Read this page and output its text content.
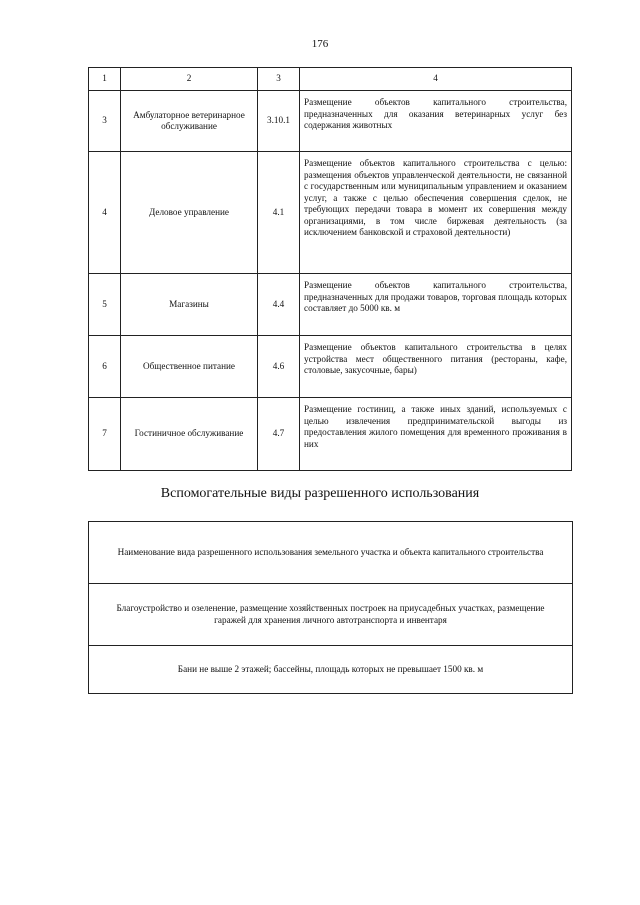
176
1	2	3	4
3	Амбулаторное ветеринарное обслуживание	3.10.1	Размещение объектов капитального строительства, предназначенных для оказания ветеринарных услуг без содержания животных
4	Деловое управление	4.1	Размещение объектов капитального строительства с целью: размещения объектов управленческой деятельности, не связанной с государственным или муниципальным управлением и оказанием услуг, а также с целью обеспечения совершения сделок, не требующих передачи товара в момент их совершения между организациями, в том числе биржевая деятельность (за исключением банковской и страховой деятельности)
5	Магазины	4.4	Размещение объектов капитального строительства, предназначенных для продажи товаров, торговая площадь которых составляет до 5000 кв. м
6	Общественное питание	4.6	Размещение объектов капитального строительства в целях устройства мест общественного питания (рестораны, кафе, столовые, закусочные, бары)
7	Гостиничное обслуживание	4.7	Размещение гостиниц, а также иных зданий, используемых с целью извлечения предпринимательской выгоды из предоставления жилого помещения для временного проживания в них
Вспомогательные виды разрешенного использования
Наименование вида разрешенного использования земельного участка и объекта капитального строительства
Благоустройство и озеленение, размещение хозяйственных построек на приусадебных участках, размещение гаражей для хранения личного автотранспорта и инвентаря
Бани не выше 2 этажей; бассейны, площадь которых не превышает 1500 кв. м
